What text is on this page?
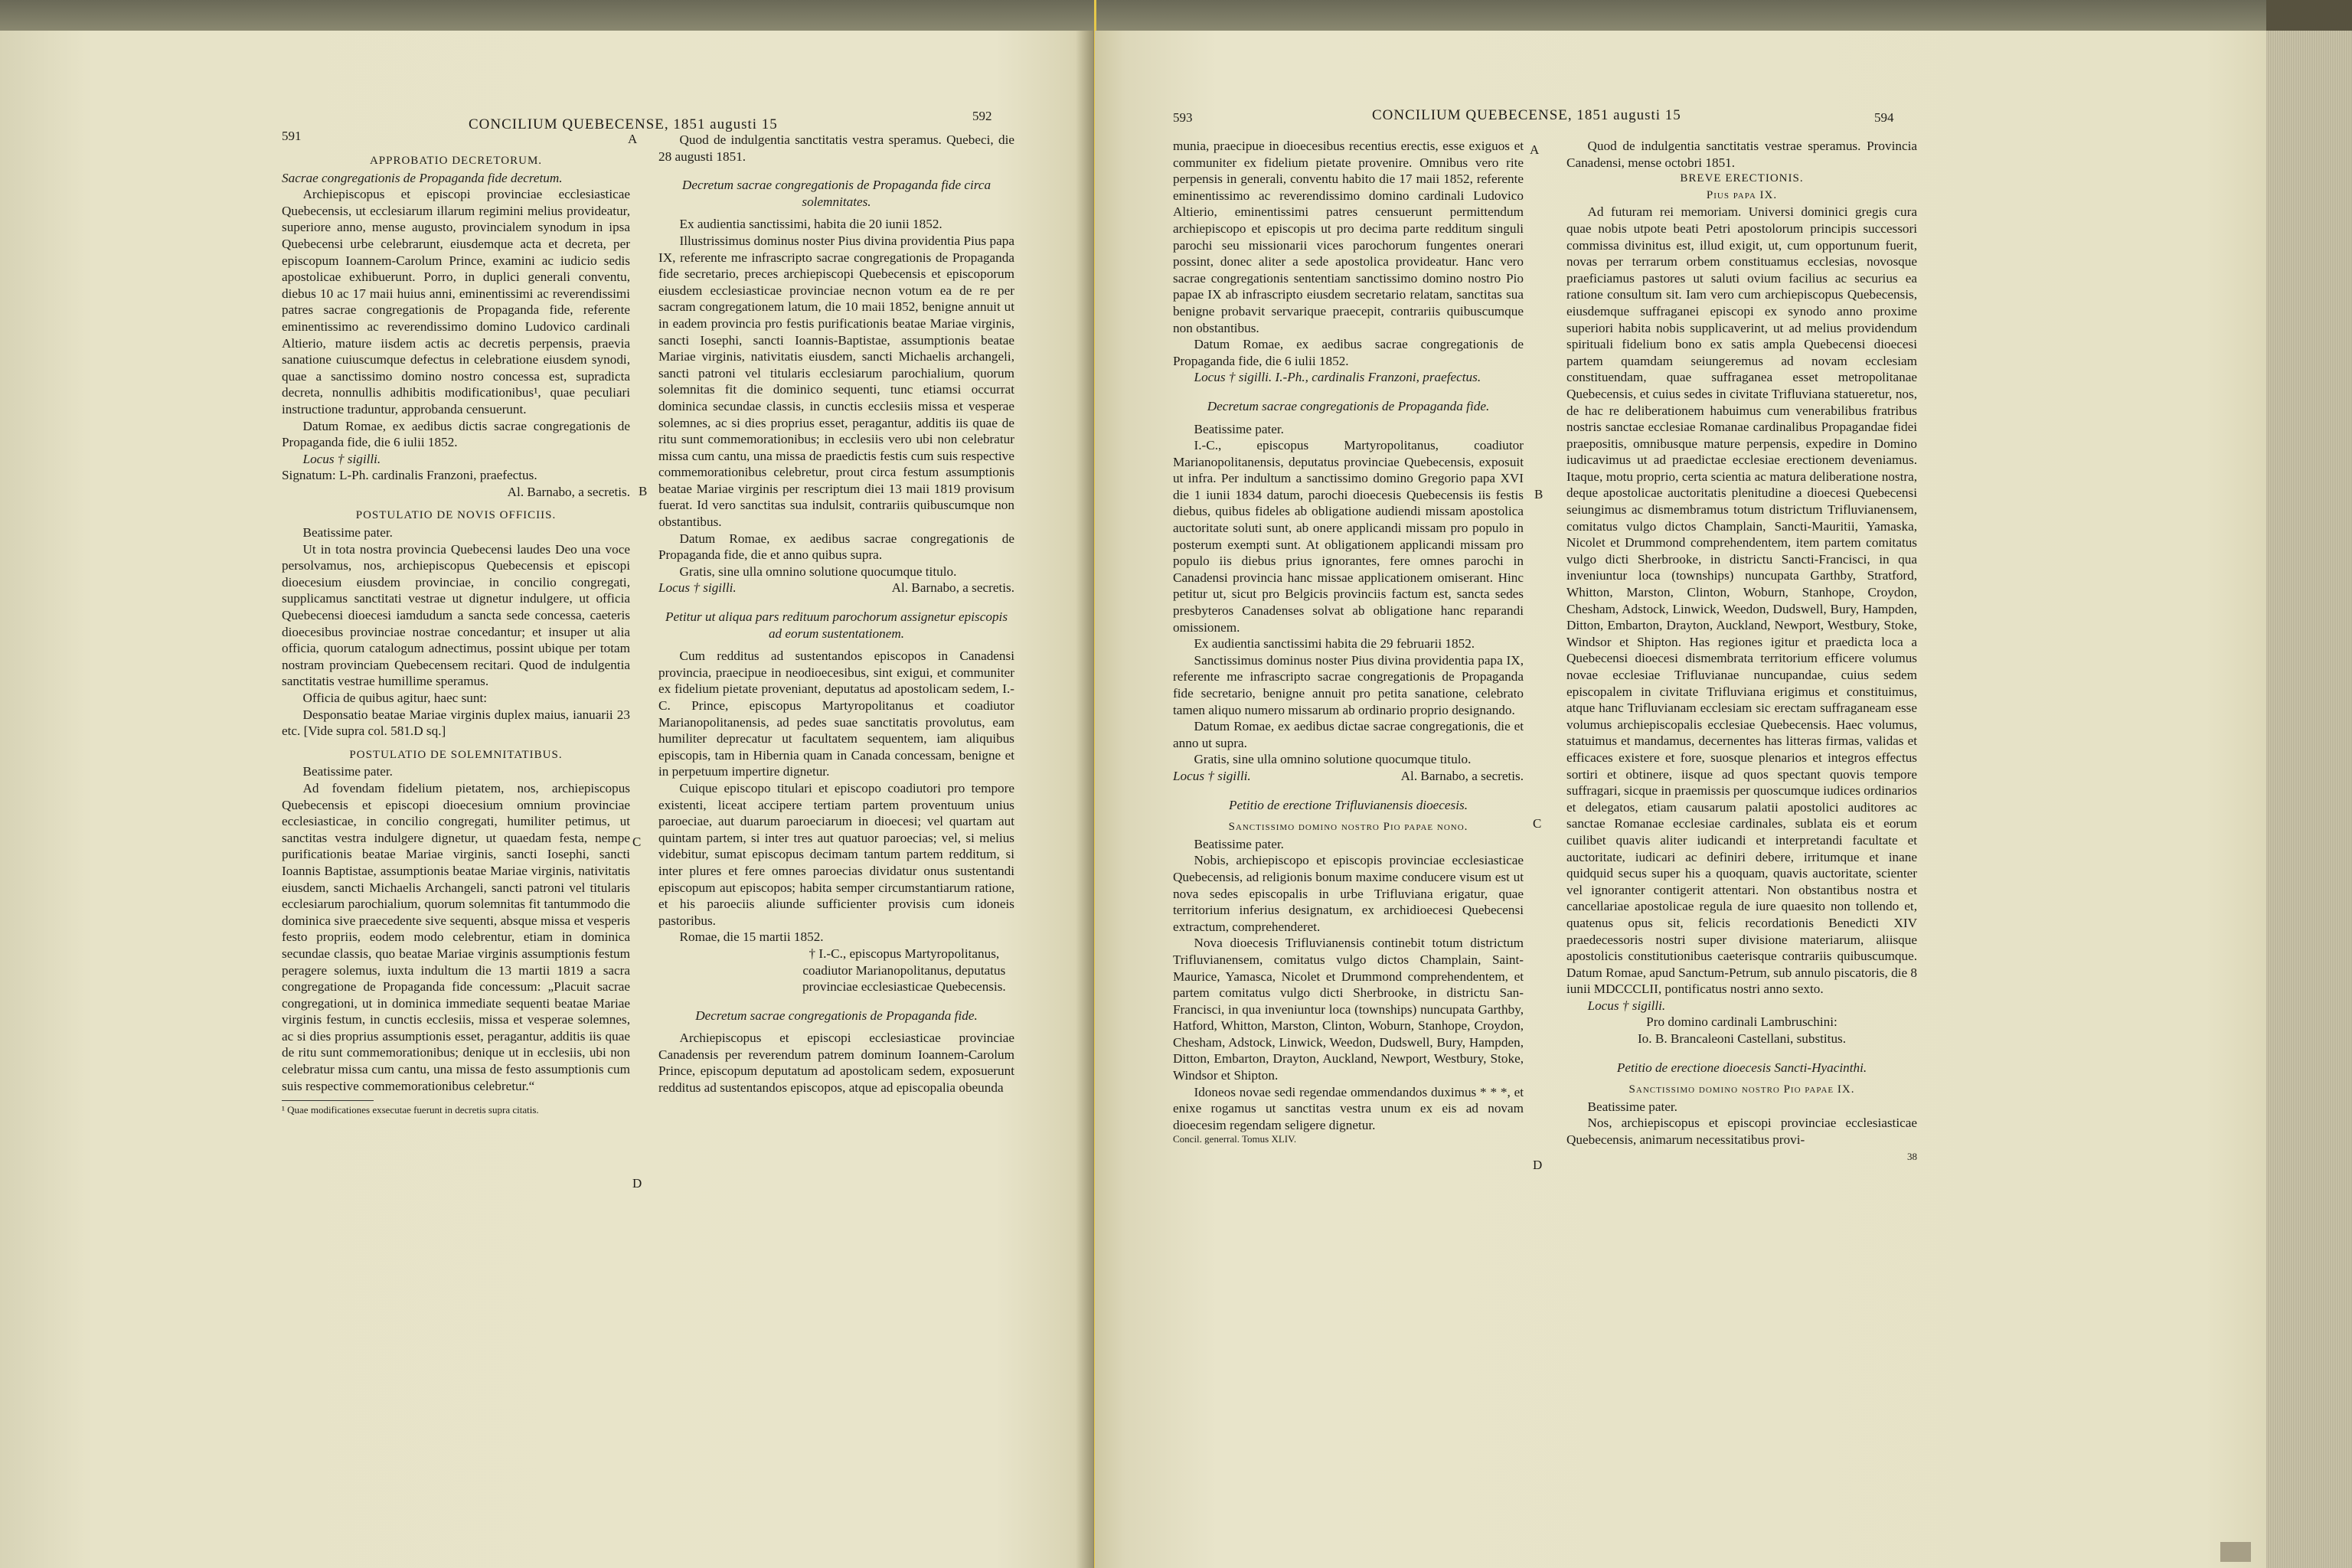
591
CONCILIUM QUEBECENSE, 1851 augusti 15
592
A
B
C
D

APPROBATIO DECRETORUM.

Sacrae congregationis de Propaganda fide decretum.

Archiepiscopus et episcopi provinciae ecclesiasticae Quebecensis, ut ecclesiarum illarum regimini melius provideatur, superiore anno, mense augusto, provincialem synodum in ipsa Quebecensi urbe celebrarunt, eiusdemque acta et decreta, per episcopum Ioannem-Carolum Prince, examini ac iudicio sedis apostolicae exhibuerunt. Porro, in duplici generali conventu, diebus 10 ac 17 maii huius anni, eminentissimi ac reverendissimi patres sacrae congregationis de Propaganda fide, referente eminentissimo ac reverendissimo domino Ludovico cardinali Altierio, mature iisdem actis ac decretis perpensis, praevia sanatione cuiuscumque defectus in celebratione eiusdem synodi, quae a sanctissimo domino nostro concessa est, supradicta decreta, nonnullis adhibitis modificationibus¹, quae peculiari instructione traduntur, approbanda censuerunt.

Datum Romae, ex aedibus dictis sacrae congregationis de Propaganda fide, die 6 iulii 1852.

Locus † sigilli.

Signatum: L-Ph. cardinalis Franzoni, praefectus.

Al. Barnabo, a secretis.

POSTULATIO DE NOVIS OFFICIIS.

Beatissime pater.

Ut in tota nostra provincia Quebecensi laudes Deo una voce persolvamus, nos, archiepiscopus Quebecensis et episcopi dioecesium eiusdem provinciae, in concilio congregati, supplicamus sanctitati vestrae ut dignetur indulgere, ut officia Quebecensi dioecesi iamdudum a sancta sede concessa, caeteris dioecesibus provinciae nostrae concedantur; et insuper ut alia officia, quorum catalogum adnectimus, possint ubique per totam nostram provinciam Quebecensem recitari. Quod de indulgentia sanctitatis vestrae humillime speramus.

Officia de quibus agitur, haec sunt:

Desponsatio beatae Mariae virginis duplex maius, ianuarii 23 etc. [Vide supra col. 581.D sq.]

POSTULATIO DE SOLEMNITATIBUS.

Beatissime pater.

Ad fovendam fidelium pietatem, nos, archiepiscopus Quebecensis et episcopi dioecesium omnium provinciae ecclesiasticae, in concilio congregati, humiliter petimus, ut sanctitas vestra indulgere dignetur, ut quaedam festa, nempe purificationis beatae Mariae virginis, sancti Iosephi, sancti Ioannis Baptistae, assumptionis beatae Mariae virginis, nativitatis eiusdem, sancti Michaelis Archangeli, sancti patroni vel titularis ecclesiarum parochialium, quorum solemnitas fit tantummodo die dominica sive praecedente sive sequenti, absque missa et vesperis festo propriis, eodem modo celebrentur, etiam in dominica secundae classis, quo beatae Mariae virginis assumptionis festum peragere solemus, iuxta indultum die 13 martii 1819 a sacra congregatione de Propaganda fide concessum: „Placuit sacrae congregationi, ut in dominica immediate sequenti beatae Mariae virginis festum, in cunctis ecclesiis, missa et vesperae solemnes, ac si dies proprius assumptionis esset, peragantur, additis iis quae de ritu sunt commemorationibus; denique ut in ecclesiis, ubi non celebratur missa cum cantu, una missa de festo assumptionis cum suis respective commemorationibus celebretur.“

¹ Quae modificationes exsecutae fuerunt in decretis supra citatis.

Quod de indulgentia sanctitatis vestra speramus. Quebeci, die 28 augusti 1851.

Decretum sacrae congregationis de Propaganda fide circa solemnitates.

Ex audientia sanctissimi, habita die 20 iunii 1852.

Illustrissimus dominus noster Pius divina providentia Pius papa IX, referente me infrascripto sacrae congregationis de Propaganda fide secretario, preces archiepiscopi Quebecensis et episcoporum eiusdem ecclesiasticae provinciae necnon votum ea de re per sacram congregationem latum, die 10 maii 1852, benigne annuit ut in eadem provincia pro festis purificationis beatae Mariae virginis, sancti Iosephi, sancti Ioannis-Baptistae, assumptionis beatae Mariae virginis, nativitatis eiusdem, sancti Michaelis archangeli, sancti patroni vel titularis ecclesiarum parochialium, quorum solemnitas fit die dominico sequenti, tunc etiamsi occurrat dominica secundae classis, in cunctis ecclesiis missa et vesperae solemnes, ac si dies proprius esset, peragantur, additis iis quae de ritu sunt commemorationibus; in ecclesiis vero ubi non celebratur missa cum cantu, una missa de praedictis festis cum suis respective commemorationibus celebretur, prout circa festum assumptionis beatae Mariae virginis per rescriptum diei 13 maii 1819 provisum fuerat. Id vero sanctitas sua indulsit, contrariis quibuscumque non obstantibus.

Datum Romae, ex aedibus sacrae congregationis de Propaganda fide, die et anno quibus supra.

Gratis, sine ulla omnino solutione quocumque titulo.

Locus † sigilli.	Al. Barnabo, a secretis.

Petitur ut aliqua pars redituum parochorum assignetur episcopis ad eorum sustentationem.

Cum redditus ad sustentandos episcopos in Canadensi provincia, praecipue in neodioecesibus, sint exigui, et communiter ex fidelium pietate proveniant, deputatus ad apostolicam sedem, I.-C. Prince, episcopus Martyropolitanus et coadiutor Marianopolitanensis, ad pedes suae sanctitatis provolutus, eam humiliter deprecatur ut facultatem sequentem, iam aliquibus episcopis, tam in Hibernia quam in Canada concessam, benigne et in perpetuum impertire dignetur.

Cuique episcopo titulari et episcopo coadiutori pro tempore existenti, liceat accipere tertiam partem proventuum unius paroeciae, aut duarum paroeciarum in dioecesi; vel quartam aut quintam partem, si inter tres aut quatuor paroecias; vel, si melius videbitur, sumat episcopus decimam tantum partem redditum, si inter plures et fere omnes paroecias dividatur onus sustentandi episcopum aut episcopos; habita semper circumstantiarum ratione, et his paroeciis aliunde sufficienter provisis cum idoneis pastoribus.

Romae, die 15 martii 1852.

† I.-C., episcopus Martyropolitanus, coadiutor Marianopolitanus, deputatus provinciae ecclesiasticae Quebecensis.

Decretum sacrae congregationis de Propaganda fide.

Archiepiscopus et episcopi ecclesiasticae provinciae Canadensis per reverendum patrem dominum Ioannem-Carolum Prince, episcopum deputatum ad apostolicam sedem, exposuerunt redditus ad sustentandos episcopos, atque ad episcopalia obeunda

593	CONCILIUM QUEBECENSE, 1851 augusti 15	594
A
B
C
D

munia, praecipue in dioecesibus recentius erectis, esse exiguos et communiter ex fidelium pietate provenire. Omnibus vero rite perpensis in generali, conventu habito die 17 maii 1852, referente eminentissimo ac reverendissimo domino cardinali Ludovico Altierio, eminentissimi patres censuerunt permittendum archiepiscopo et episcopis ut pro decima parte redditum singuli parochi seu missionarii vices parochorum fungentes onerari possint, donec aliter a sede apostolica provideatur. Hanc vero sacrae congregationis sententiam sanctissimo domino nostro Pio papae IX ab infrascripto eiusdem secretario relatam, sanctitas sua benigne probavit servarique praecepit, contrariis quibuscumque non obstantibus.

Datum Romae, ex aedibus sacrae congregationis de Propaganda fide, die 6 iulii 1852.

Locus † sigilli. I.-Ph., cardinalis Franzoni, praefectus.

Decretum sacrae congregationis de Propaganda fide.

Beatissime pater.

I.-C., episcopus Martyropolitanus, coadiutor Marianopolitanensis, deputatus provinciae Quebecensis, exposuit ut infra. Per indultum a sanctissimo domino Gregorio papa XVI die 1 iunii 1834 datum, parochi dioecesis Quebecensis iis festis diebus, quibus fideles ab obligatione audiendi missam apostolica auctoritate soluti sunt, ab onere applicandi missam pro populo in posterum exempti sunt. At obligationem applicandi missam pro populo iis diebus prius ignorantes, fere omnes parochi in Canadensi provincia hanc missae applicationem omiserant. Hinc petitur ut, sicut pro Belgicis provinciis factum est, sancta sedes presbyteros Canadenses solvat ab obligatione hanc reparandi omissionem.

Ex audientia sanctissimi habita die 29 februarii 1852.

Sanctissimus dominus noster Pius divina providentia papa IX, referente me infrascripto sacrae congregationis de Propaganda fide secretario, benigne annuit pro petita sanatione, celebrato tamen aliquo numero missarum ab ordinario proprio designando.

Datum Romae, ex aedibus dictae sacrae congregationis, die et anno ut supra.

Gratis, sine ulla omnino solutione quocumque titulo.

Locus † sigilli.	Al. Barnabo, a secretis.

Petitio de erectione Trifluvianensis dioecesis.

Sanctissimo domino nostro Pio papae nono.

Beatissime pater.

Nobis, archiepiscopo et episcopis provinciae ecclesiasticae Quebecensis, ad religionis bonum maxime conducere visum est ut nova sedes episcopalis in urbe Trifluviana erigatur, quae territorium inferius designatum, ex archidioecesi Quebecensi extractum, comprehenderet.

Nova dioecesis Trifluvianensis continebit totum districtum Trifluvianensem, comitatus vulgo dictos Champlain, Saint-Maurice, Yamasca, Nicolet et Drummond comprehendentem, et partem comitatus vulgo dicti Sherbrooke, in districtu San-Francisci, in qua inveniuntur loca (townships) nuncupata Garthby, Hatford, Whitton, Marston, Clinton, Woburn, Stanhope, Croydon, Chesham, Adstock, Linwick, Weedon, Dudswell, Bury, Hampden, Ditton, Embarton, Drayton, Auckland, Newport, Westbury, Stoke, Windsor et Shipton.

Idoneos novae sedi regendae ommendandos duximus * * *, et enixe rogamus ut sanctitas vestra unum ex eis ad novam dioecesim regendam seligere dignetur.

Concil. generral. Tomus XLIV.

Quod de indulgentia sanctitatis vestrae speramus. Provincia Canadensi, mense octobri 1851.

BREVE ERECTIONIS.

Pius papa IX.

Ad futuram rei memoriam. Universi dominici gregis cura quae nobis utpote beati Petri apostolorum principis successori commissa divinitus est, illud exigit, ut, cum opportunum fuerit, novas per terrarum orbem constituamus ecclesias, novosque praeficiamus pastores ut saluti ovium facilius ac securius ea ratione consultum sit. Iam vero cum archiepiscopus Quebecensis, eiusdemque suffraganei episcopi ex synodo anno proxime superiori habita nobis supplicaverint, ut ad melius providendum spirituali fidelium bono ex satis ampla Quebecensi dioecesi partem quamdam seiungeremus ad novam ecclesiam constituendam, quae suffraganea esset metropolitanae Quebecensis, et cuius sedes in civitate Trifluviana statueretur, nos, de hac re deliberationem habuimus cum venerabilibus fratribus nostris sanctae ecclesiae Romanae cardinalibus Propagandae fidei praepositis, omnibusque mature perpensis, expedire in Domino iudicavimus ut ad praedictae ecclesiae erectionem deveniamus. Itaque, motu proprio, certa scientia ac matura deliberatione nostra, deque apostolicae auctoritatis plenitudine a dioecesi Quebecensi seiungimus ac dismembramus totum districtum Trifluvianensem, comitatus vulgo dictos Champlain, Sancti-Mauritii, Yamaska, Nicolet et Drummond comprehendentem, item partem comitatus vulgo dicti Sherbrooke, in districtu Sancti-Francisci, in qua inveniuntur loca (townships) nuncupata Garthby, Stratford, Whitton, Marston, Clinton, Woburn, Stanhope, Croydon, Chesham, Adstock, Linwick, Weedon, Dudswell, Bury, Hampden, Ditton, Embarton, Drayton, Auckland, Newport, Westbury, Stoke, Windsor et Shipton. Has regiones igitur et praedicta loca a Quebecensi dioecesi dismembrata territorium efficere volumus novae ecclesiae Trifluvianae nuncupandae, cuius sedem episcopalem in civitate Trifluviana erigimus et constituimus, atque hanc Trifluvianam ecclesiam sic erectam suffraganeam esse volumus archiepiscopalis ecclesiae Quebecensis. Haec volumus, statuimus et mandamus, decernentes has litteras firmas, validas et efficaces existere et fore, suosque plenarios et integros effectus sortiri et obtinere, iisque ad quos spectant quovis tempore suffragari, sicque in praemissis per quoscumque iudices ordinarios et delegatos, etiam causarum palatii apostolici auditores ac sanctae Romanae ecclesiae cardinales, sublata eis et eorum cuilibet quavis aliter iudicandi et interpretandi facultate et auctoritate, iudicari ac definiri debere, irritumque et inane quidquid secus super his a quoquam, quavis auctoritate, scienter vel ignoranter contigerit attentari. Non obstantibus nostra et cancellariae apostolicae regula de iure quaesito non tollendo et, quatenus opus sit, felicis recordationis Benedicti XIV praedecessoris nostri super divisione materiarum, aliisque apostolicis constitutionibus caeterisque contrariis quibuscumque. Datum Romae, apud Sanctum-Petrum, sub annulo piscatoris, die 8 iunii MDCCCLII, pontificatus nostri anno sexto.

Locus † sigilli.

Pro domino cardinali Lambruschini:

Io. B. Brancaleoni Castellani, substitus.

Petitio de erectione dioecesis Sancti-Hyacinthi.

Sanctissimo domino nostro Pio papae IX.

Beatissime pater.

Nos, archiepiscopus et episcopi provinciae ecclesiasticae Quebecensis, animarum necessitatibus provi-

38
